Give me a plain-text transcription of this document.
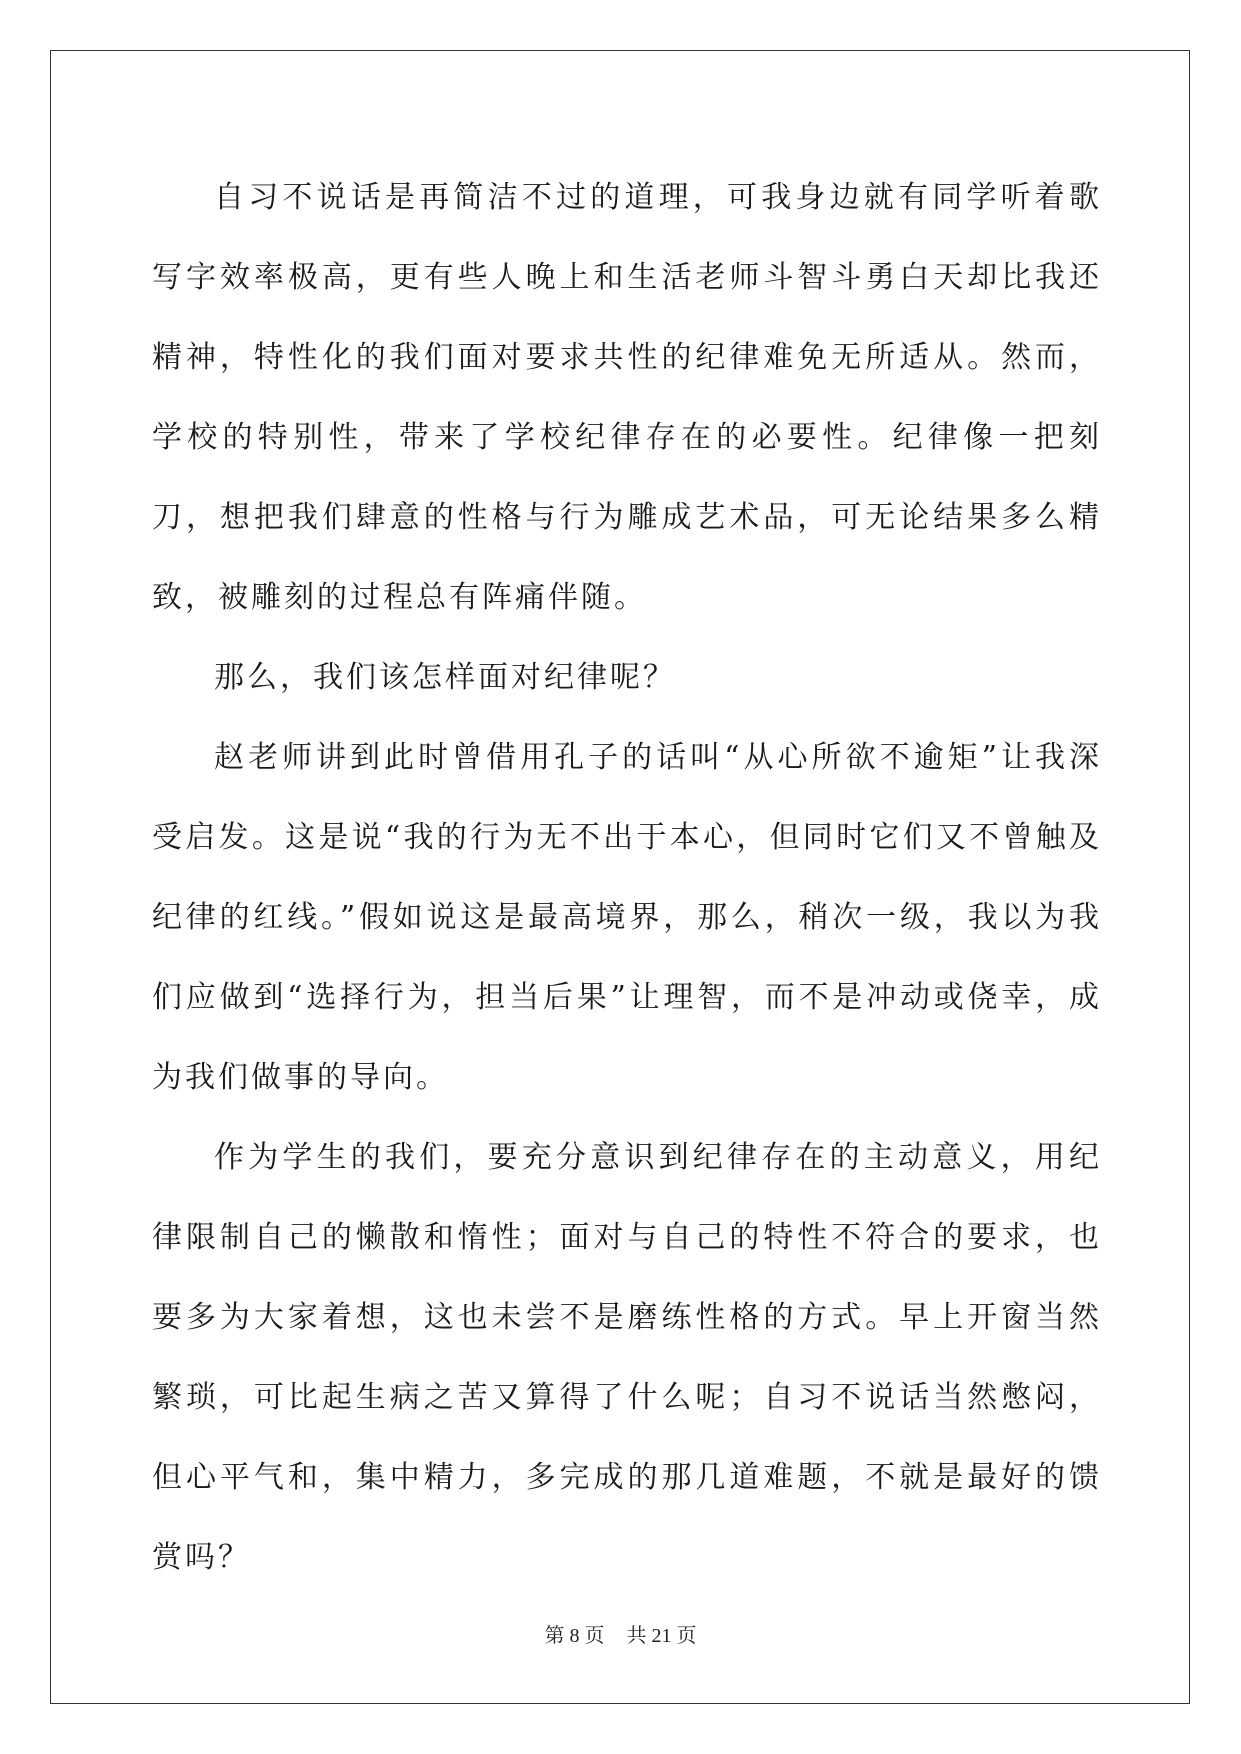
自习不说话是再简洁不过的道理，可我身边就有同学听着歌写字效率极高，更有些人晚上和生活老师斗智斗勇白天却比我还精神，特性化的我们面对要求共性的纪律难免无所适从。然而，学校的特别性，带来了学校纪律存在的必要性。纪律像一把刻刀，想把我们肆意的性格与行为雕成艺术品，可无论结果多么精致，被雕刻的过程总有阵痛伴随。

那么，我们该怎样面对纪律呢？

赵老师讲到此时曾借用孔子的话叫“从心所欲不逾矩”让我深受启发。这是说“我的行为无不出于本心，但同时它们又不曾触及纪律的红线。”假如说这是最高境界，那么，稍次一级，我以为我们应做到“选择行为，担当后果”让理智，而不是冲动或侥幸，成为我们做事的导向。

作为学生的我们，要充分意识到纪律存在的主动意义，用纪律限制自己的懒散和惰性；面对与自己的特性不符合的要求，也要多为大家着想，这也未尝不是磨练性格的方式。早上开窗当然繁琐，可比起生病之苦又算得了什么呢；自习不说话当然憋闷，但心平气和，集中精力，多完成的那几道难题，不就是最好的馈赏吗？

第 8 页 共 21 页
